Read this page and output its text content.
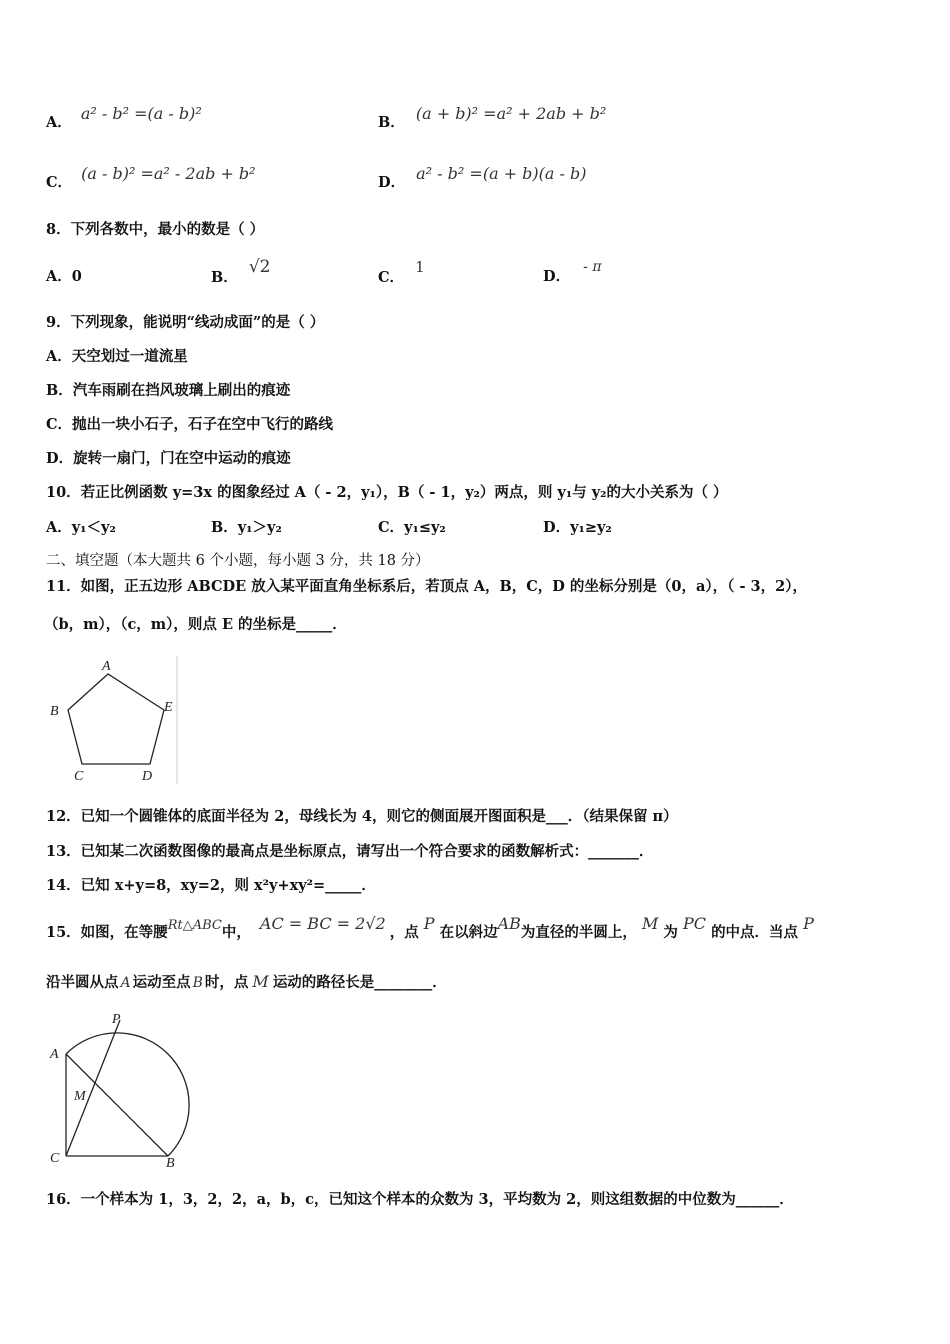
A． a² - b² =(a - b)²	B． (a + b)² =a² + 2ab + b²
C． (a - b)² =a² - 2ab + b²	D． a² - b² =(a + b)(a - b)
8．下列各数中，最小的数是（ ）
A．0	B． √2
C． 1
D． - π
9．下列现象，能说明“线动成面”的是（ ）
A．天空划过一道流星
B．汽车雨刷在挡风玻璃上刷出的痕迹
C．抛出一块小石子，石子在空中飞行的路线
D．旋转一扇门，门在空中运动的痕迹
10．若正比例函数 y=3x 的图象经过 A（ - 2，y₁），B（ - 1，y₂）两点，则 y₁与 y₂的大小关系为（ ）
A．y₁＜y₂	B．y₁＞y₂	C．y₁≤y₂	D．y₁≥y₂
二、填空题（本大题共 6 个小题，每小题 3 分，共 18 分）
11．如图，正五边形 ABCDE 放入某平面直角坐标系后，若顶点 A，B，C，D 的坐标分别是（0，a），（ - 3，2），
（b，m），（c，m），则点 E 的坐标是_____．
A
B
C	D
E
12．已知一个圆锥体的底面半径为 2，母线长为 4，则它的侧面展开图面积是___．（结果保留 π）
13．已知某二次函数图像的最高点是坐标原点，请写出一个符合要求的函数解析式：_______．
14．已知 x+y=8，xy=2，则 x²y+xy²=_____．
15．如图，在等腰Rt△ABC中， AC = BC = 2√2 ，点 P 在以斜边AB为直径的半圆上， M 为 PC 的中点．当点 P
沿半圆从点 A 运动至点 B 时，点 M 运动的路径长是________．
P
A
M
C	B
16．一个样本为 1，3，2，2，a，b，c，已知这个样本的众数为 3，平均数为 2，则这组数据的中位数为______．
